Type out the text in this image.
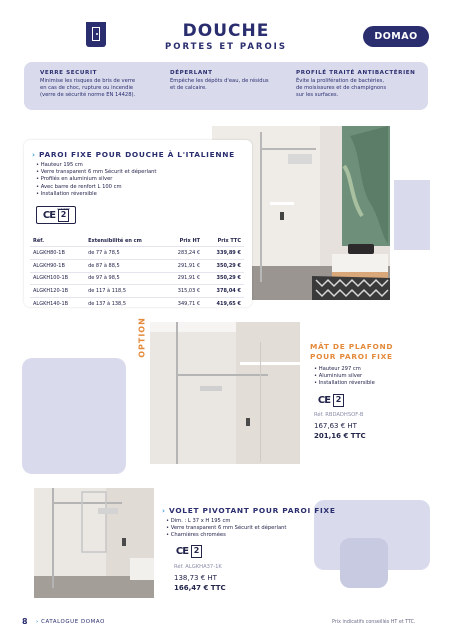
DOUCHE
PORTES ET PAROIS
DOMAO
VERRE SECURIT
Minimise les risques de bris de verre
en cas de choc, rupture ou incendie
(verre de sécurité norme EN 14428).
DÉPERLANT
Empêche les dépôts d'eau, de résidus
et de calcaire.
PROFILÉ TRAITÉ ANTIBACTÉRIEN
Évite la prolifération de bactéries,
de moisissures et de champignons
sur les surfaces.
› PAROI FIXE POUR DOUCHE À L'ITALIENNE
• Hauteur 195 cm
• Verre transparent 6 mm Sécurit et déperlant
• Profilés en aluminium silver
• Avec barre de renfort L 100 cm
• Installation réversible
CE 2
GARANTIE
Réf.	Extensibilité en cm	Prix HT	Prix TTC
ALGKH80-1B	de 77 à 78,5	283,24 €	339,89 €
ALGKH90-1B	de 87 à 88,5	291,91 €	350,29 €
ALGKH100-1B	de 97 à 98,5	291,91 €	350,29 €
ALGKH120-1B	de 117 à 118,5	315,03 €	378,04 €
ALGKH140-1B	de 137 à 138,5	349,71 €	419,65 €
OPTION	MÂT DE PLAFOND
POUR PAROI FIXE
• Hauteur 297 cm
• Aluminium silver
• Installation réversible
CE 2
Réf. RBDADHSOF-B
167,63 € HT
201,16 € TTC
› VOLET PIVOTANT POUR PAROI FIXE
• Dim. : L 37 x H 195 cm
• Verre transparent 6 mm Sécurit et déperlant
• Charnières chromées
CE 2
Réf. ALGKHA37-1K
138,73 € HT
166,47 € TTC
8 › CATALOGUE DOMAO	Prix indicatifs conseillés HT et TTC.
